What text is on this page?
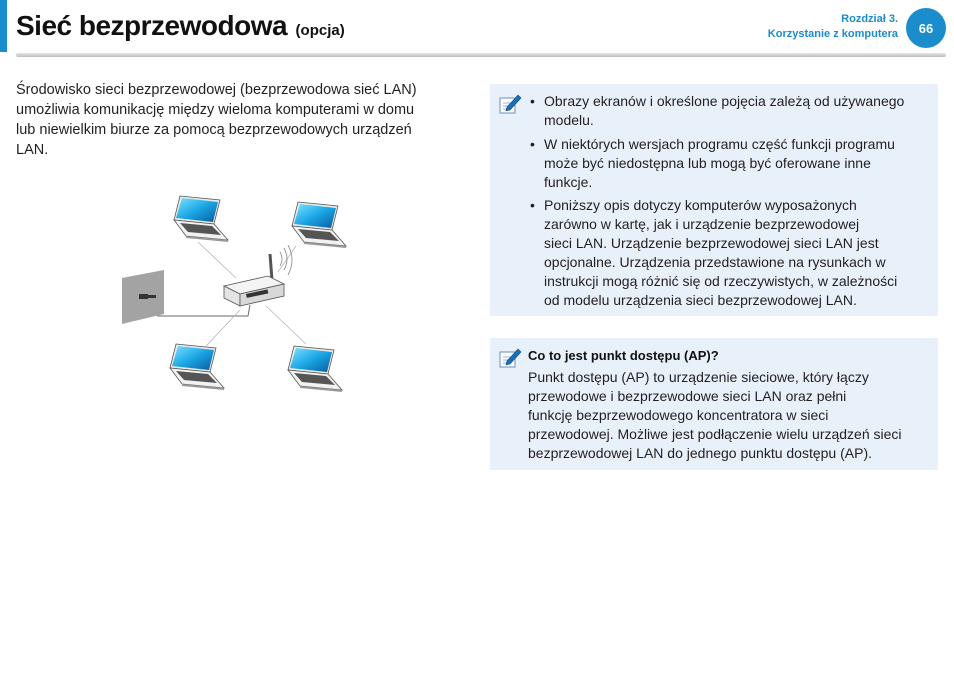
Sieć bezprzewodowa (opcja)
Rozdział 3.
Korzystanie z komputera	66

Środowisko sieci bezprzewodowej (bezprzewodowa sieć LAN)
umożliwia komunikację między wieloma komputerami w domu
lub niewielkim biurze za pomocą bezprzewodowych urządzeń
LAN.

• Obrazy ekranów i określone pojęcia zależą od używanego
modelu.
• W niektórych wersjach programu część funkcji programu
może być niedostępna lub mogą być oferowane inne
funkcje.
• Poniższy opis dotyczy komputerów wyposażonych
zarówno w kartę, jak i urządzenie bezprzewodowej
sieci LAN. Urządzenie bezprzewodowej sieci LAN jest
opcjonalne. Urządzenia przedstawione na rysunkach w
instrukcji mogą różnić się od rzeczywistych, w zależności
od modelu urządzenia sieci bezprzewodowej LAN.

Co to jest punkt dostępu (AP)?

Punkt dostępu (AP) to urządzenie sieciowe, który łączy
przewodowe i bezprzewodowe sieci LAN oraz pełni
funkcję bezprzewodowego koncentratora w sieci
przewodowej. Możliwe jest podłączenie wielu urządzeń sieci
bezprzewodowej LAN do jednego punktu dostępu (AP).
